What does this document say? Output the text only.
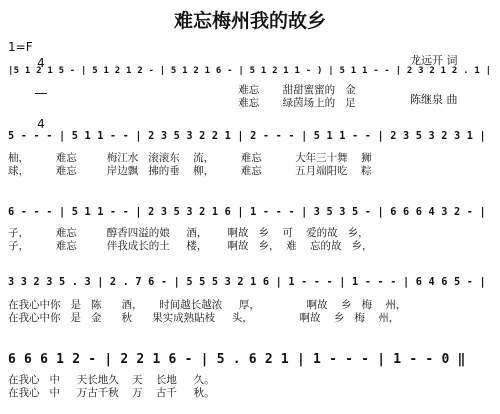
难忘梅州我的故乡
1=F

4

4

龙远开 词

陈继泉 曲

|5 1 2 1 5 - | 5 1 2 1 2 - | 5 1 2 1 6 - | 5 1 2 1 1 - ) | 5 1 1 - - | 2 3 2 1 2 . 1 |
难忘       甜甜蜜蜜的   金
难忘       绿茵场上的   足
5 - - - | 5 1 1 - - | 2 3 5 3 2 2 1 | 2 - - - | 5 1 1 - - | 2 3 5 3 2 3 1 |
柚，        难忘         梅江水   滚滚东    流，        难忘          大年三十舞    狮
球，        难忘         岸边飘   拂的垂    柳，        难忘          五月端阳吃    粽
6 - - - | 5 1 1 - - | 2 3 5 3 2 1 6 | 1 - - - | 3 5 3 5 - | 6 6 6 4 3 2 - |
子，        难忘         醇香四溢的娘     酒，      啊故   乡    可    爱的故   乡，
子，        难忘         伴我成长的土     楼，      啊故   乡，  难    忘的故   乡，
3 3 2 3 5 . 3 | 2 . 7 6 - | 5 5 5 3 2 1 6 | 1 - - - | 1 - - - | 6 4 6 5 - |
在我心中你   是   陈      酒，     时间越长越浓     厚，              啊故    乡   梅    州，
在我心中你   是   金      秋      果实成熟貼枝     头，              啊故    乡   梅    州，
6 6 6 1 2 - | 2 2 1 6 - | 5 . 6 2 1 | 1 - - - | 1 - - 0 ‖
在我心   中     天长地久    天    长地     久。
在我心   中     万古千秋    万    古千     秋。
